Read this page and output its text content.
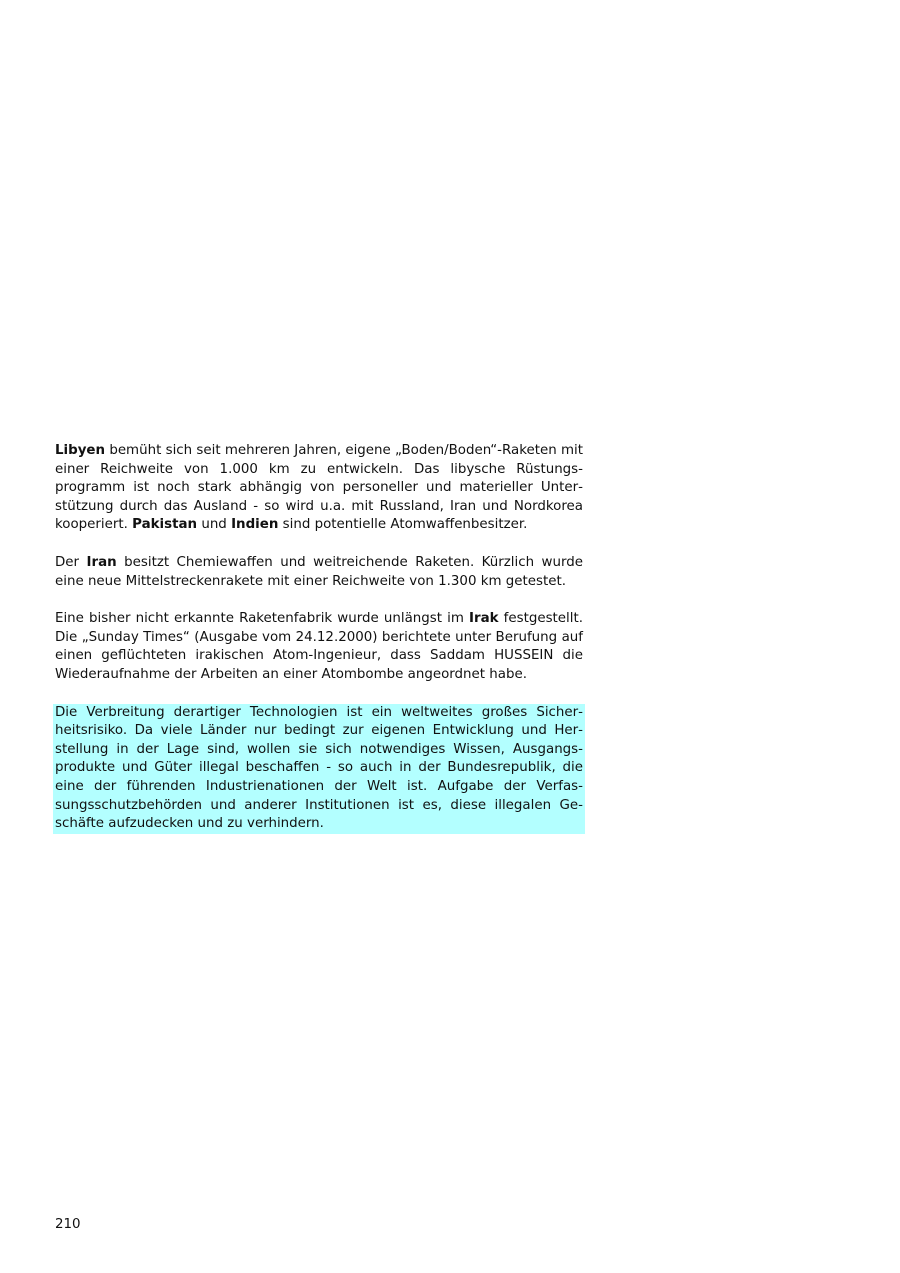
Libyen bemüht sich seit mehreren Jahren, eigene „Boden/Boden“-Raketen mit einer Reichweite von 1.000 km zu entwickeln. Das libysche Rüstungsprogramm ist noch stark abhängig von personeller und materieller Unterstützung durch das Ausland - so wird u.a. mit Russland, Iran und Nordkorea kooperiert. Pakistan und Indien sind potentielle Atomwaffenbesitzer.

Der Iran besitzt Chemiewaffen und weitreichende Raketen. Kürzlich wurde eine neue Mittelstreckenrakete mit einer Reichweite von 1.300 km getestet.

Eine bisher nicht erkannte Raketenfabrik wurde unlängst im Irak festgestellt. Die „Sunday Times“ (Ausgabe vom 24.12.2000) berichtete unter Berufung auf einen geflüchteten irakischen Atom-Ingenieur, dass Saddam HUSSEIN die Wiederaufnahme der Arbeiten an einer Atombombe angeordnet habe.

Die Verbreitung derartiger Technologien ist ein weltweites großes Sicherheitsrisiko. Da viele Länder nur bedingt zur eigenen Entwicklung und Herstellung in der Lage sind, wollen sie sich notwendiges Wissen, Ausgangsprodukte und Güter illegal beschaffen - so auch in der Bundesrepublik, die eine der führenden Industrienationen der Welt ist. Aufgabe der Verfassungsschutzbehörden und anderer Institutionen ist es, diese illegalen Geschäfte aufzudecken und zu verhindern.

210
